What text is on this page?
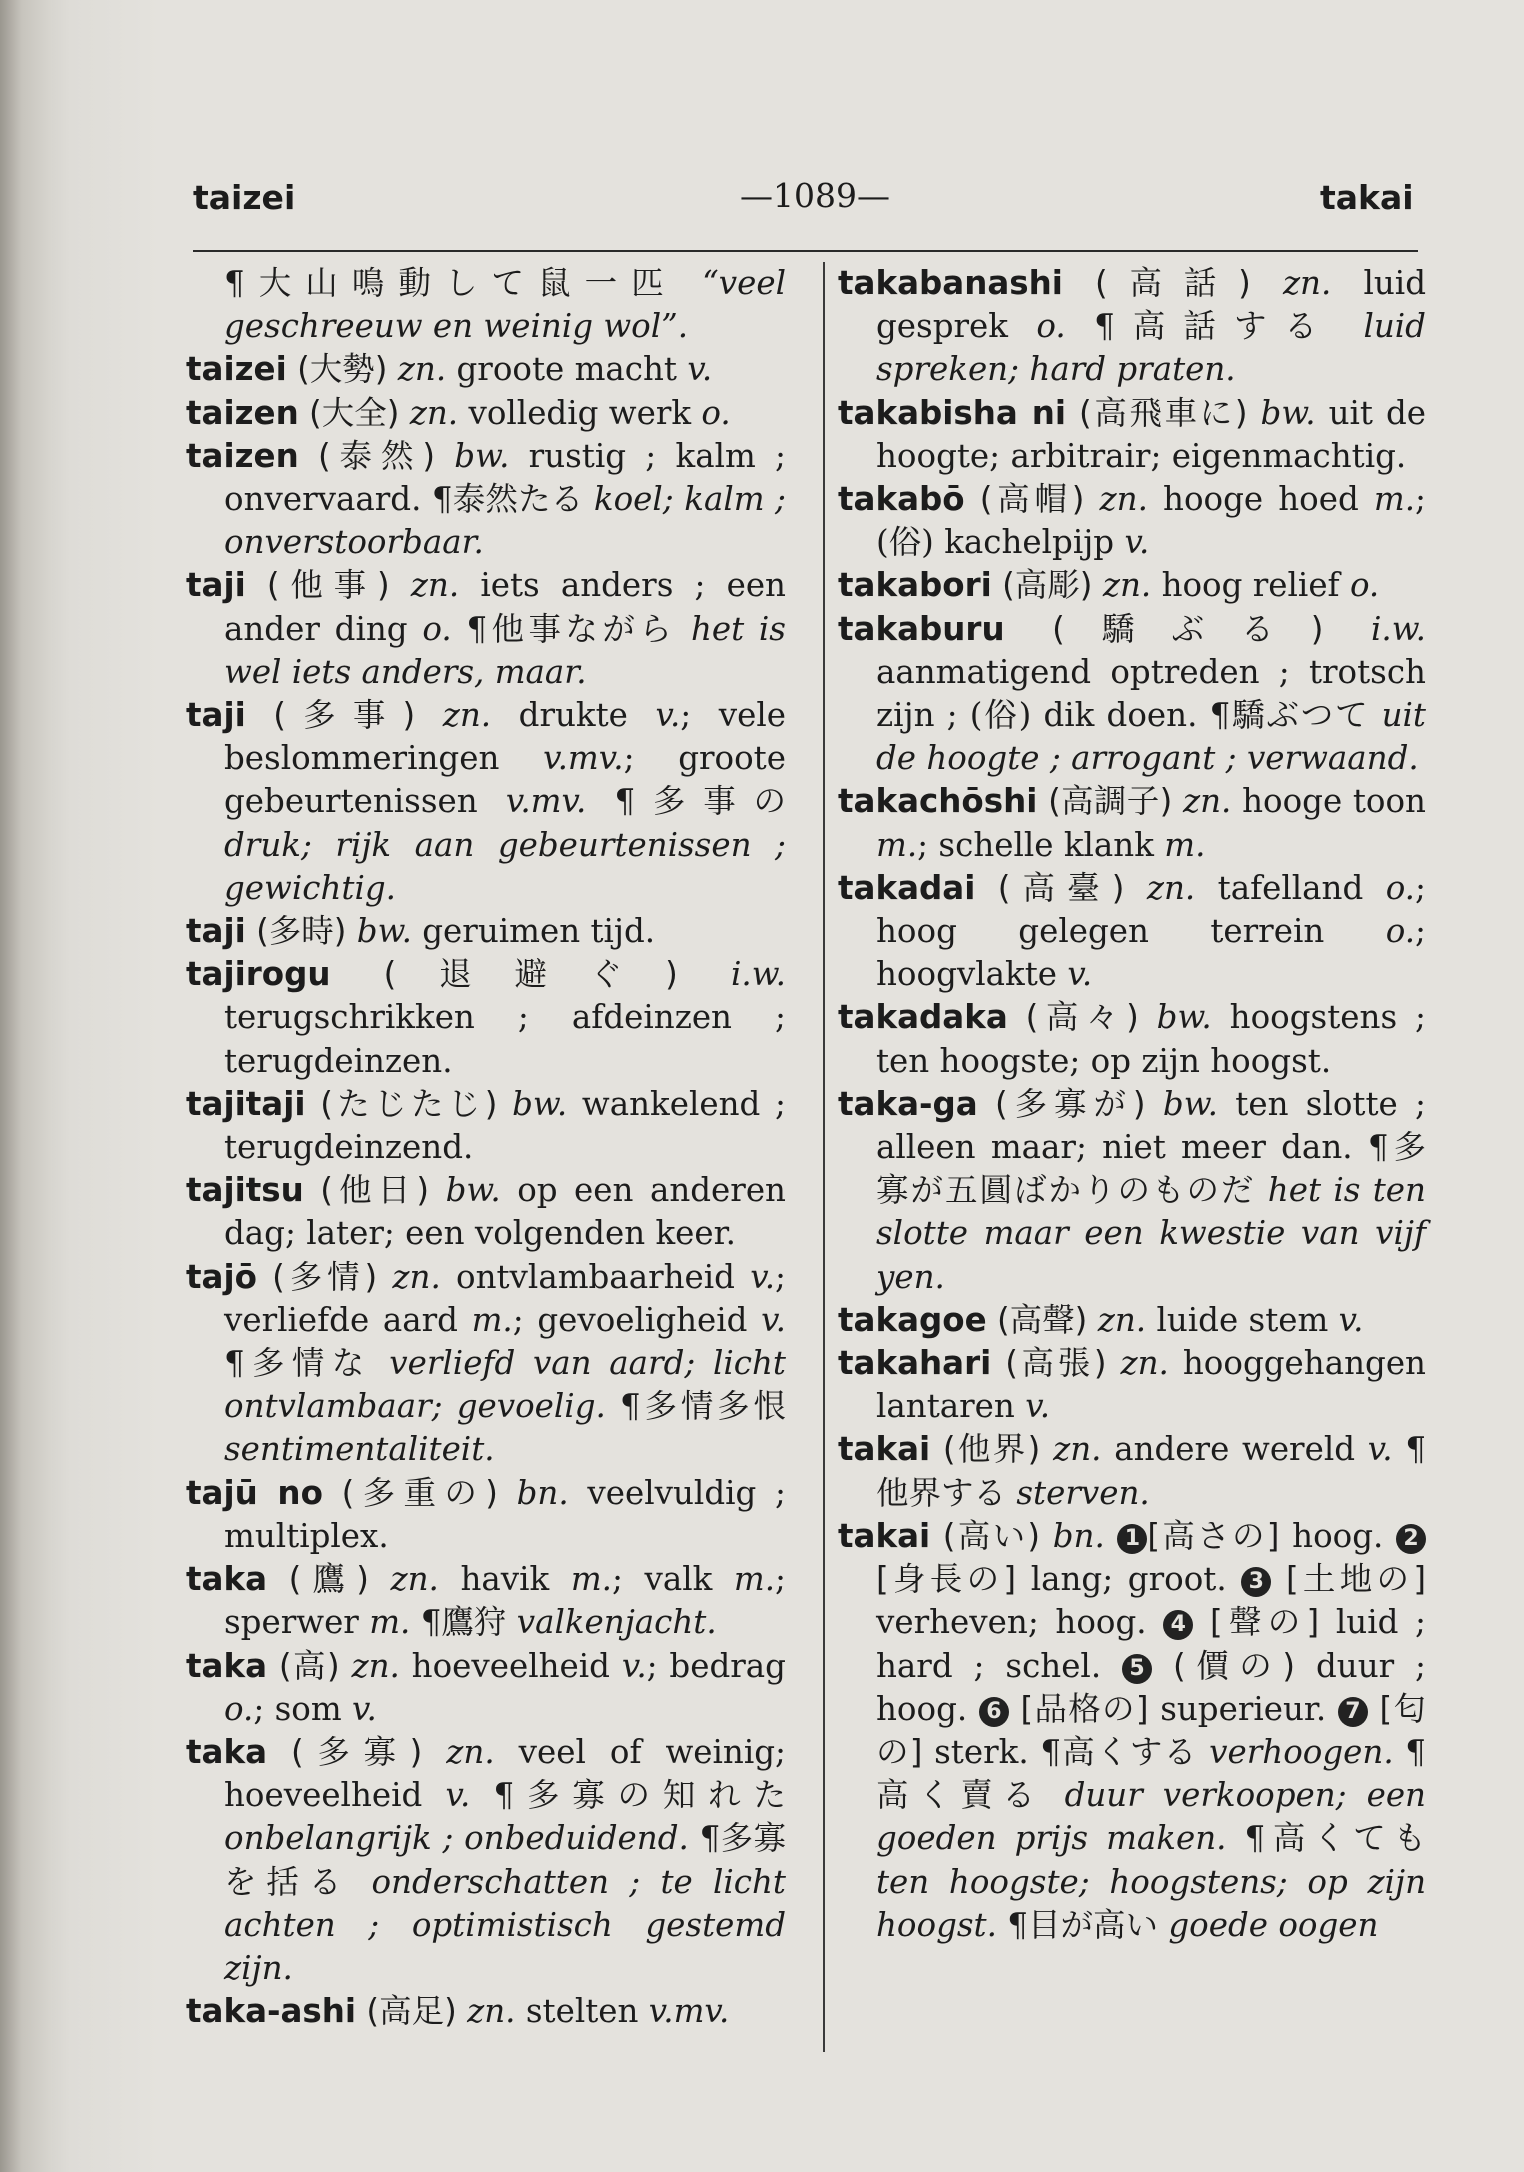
taizei	—1089—	takai
¶大山鳴動して鼠一匹 “veel geschreeuw en weinig wol”.
taizei (大勢) zn. groote macht v.
taizen (大全) zn. volledig werk o.
taizen (泰然) bw. rustig ; kalm ; onvervaard. ¶泰然たる koel; kalm ; onverstoorbaar.
taji (他事) zn. iets anders ; een ander ding o. ¶他事ながら het is wel iets anders, maar.
taji (多事) zn. drukte v.; vele beslommeringen v.mv.; groote gebeurtenissen v.mv. ¶多事の druk; rijk aan gebeurtenissen ; gewichtig.
taji (多時) bw. geruimen tijd.
tajirogu (退避ぐ) i.w. terugschrikken ; afdeinzen ; terugdeinzen.
tajitaji (たじたじ) bw. wankelend ; terugdeinzend.
tajitsu (他日) bw. op een anderen dag; later; een volgenden keer.
tajō (多情) zn. ontvlambaarheid v.; verliefde aard m.; gevoeligheid v. ¶多情な verliefd van aard; licht ontvlambaar; gevoelig. ¶多情多恨 sentimentaliteit.
tajū no (多重の) bn. veelvuldig ; multiplex.
taka (鷹) zn. havik m.; valk m.; sperwer m. ¶鷹狩 valkenjacht.
taka (高) zn. hoeveelheid v.; bedrag o.; som v.
taka (多寡) zn. veel of weinig; hoeveelheid v. ¶多寡の知れた onbelangrijk ; onbeduidend. ¶多寡を括る onderschatten ; te licht achten ; optimistisch gestemd zijn.
taka-ashi (高足) zn. stelten v.mv.
takabanashi (高話) zn. luid gesprek o. ¶高話する luid spreken; hard praten.
takabisha ni (高飛車に) bw. uit de hoogte; arbitrair; eigenmachtig.
takabō (高帽) zn. hooge hoed m.; (俗) kachelpijp v.
takabori (高彫) zn. hoog relief o.
takaburu (驕ぶる) i.w. aanmatigend optreden ; trotsch zijn ; (俗) dik doen. ¶驕ぶつて uit de hoogte ; arrogant ; verwaand.
takachōshi (高調子) zn. hooge toon m.; schelle klank m.
takadai (高臺) zn. tafelland o.; hoog gelegen terrein o.; hoogvlakte v.
takadaka (高々) bw. hoogstens ; ten hoogste; op zijn hoogst.
taka-ga (多寡が) bw. ten slotte ; alleen maar; niet meer dan. ¶多寡が五圓ばかりのものだ het is ten slotte maar een kwestie van vijf yen.
takagoe (高聲) zn. luide stem v.
takahari (高張) zn. hooggehangen lantaren v.
takai (他界) zn. andere wereld v. ¶他界する sterven.
takai (高い) bn. 1 [高さの] hoog. 2 [身長の] lang; groot. 3 [土地の] verheven; hoog. 4 [聲の] luid ; hard ; schel. 5 (價の) duur ; hoog. 6 [品格の] superieur. 7 [匂の] sterk. ¶高くする verhoogen. ¶高く賣る duur verkoopen; een goeden prijs maken. ¶高くても ten hoogste; hoogstens; op zijn hoogst. ¶目が高い goede oogen
